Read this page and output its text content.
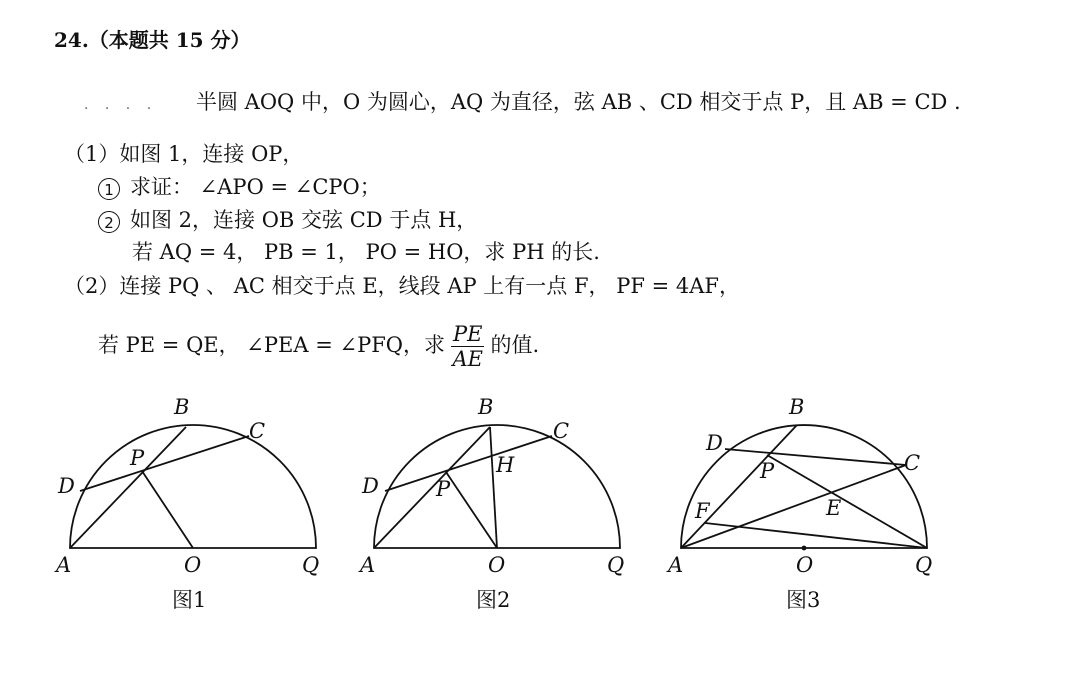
24.（本题共 15 分）
. . . . 半圆 AOQ 中，O 为圆心，AQ 为直径，弦 AB 、CD 相交于点 P，且 AB = CD .
（1）如图 1，连接 OP，
1 求证： ∠APO = ∠CPO；
2 如图 2，连接 OB 交弦 CD 于点 H，
若 AQ = 4， PB = 1， PO = HO，求 PH 的长.
（2）连接 PQ 、 AC 相交于点 E，线段 AP 上有一点 F， PF = 4AF，
若 PE = QE， ∠PEA = ∠PFQ，求 $\frac{PE}{AE}$ 的值.
B
C
D
P
A	O	Q
图1
B
C
D	P
H
A	O	Q
图2
B
C
D
P
E
F
A	O	Q
图3
